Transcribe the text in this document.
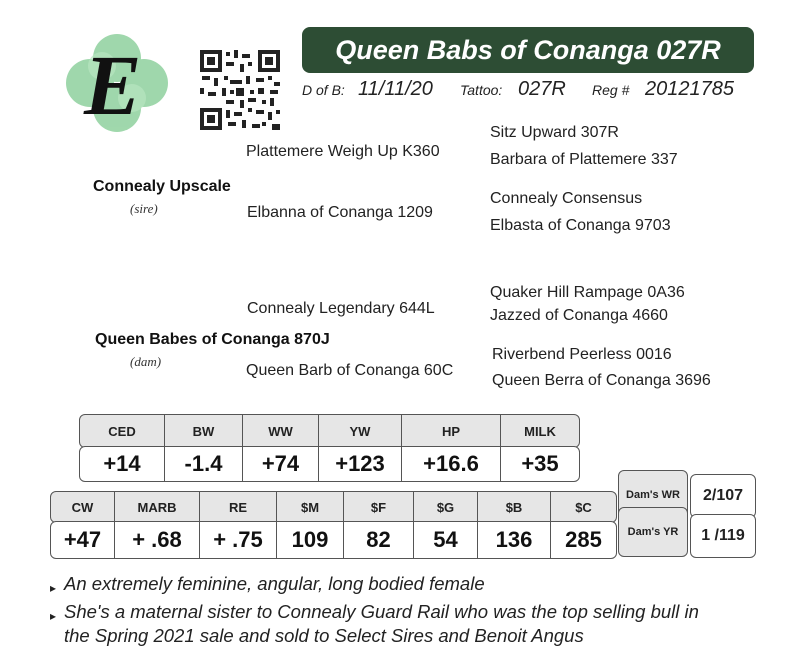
E	Queen Babs of Conanga 027R
D of B: 11/11/20 Tattoo: 027R Reg # 20121785
Sitz Upward 307R
Plattemere Weigh Up K360	Barbara of Plattemere 337
Connealy Upscale
(sire)
Connealy Consensus
Elbanna of Conanga 1209
Elbasta of Conanga 9703
Quaker Hill Rampage 0A36
Connealy Legendary 644L	Jazzed of Conanga 4660
Queen Babes of Conanga 870J
(dam)	Riverbend Peerless 0016
Queen Barb of Conanga 60C
Queen Berra of Conanga 3696
CED	BW	WW	YW	HP	MILK
+14	-1.4	+74	+123	+16.6	+35
CW	MARB	RE	$M	$F	$G	$B	$C
+47	+ .68	+ .75	109	82	54	136	285
Dam's WR	2/107
Dam's YR	1 /119
▸ An extremely feminine, angular, long bodied female
▸ She's a maternal sister to Connealy Guard Rail who was the top selling bull in the Spring 2021 sale and sold to Select Sires and Benoit Angus
